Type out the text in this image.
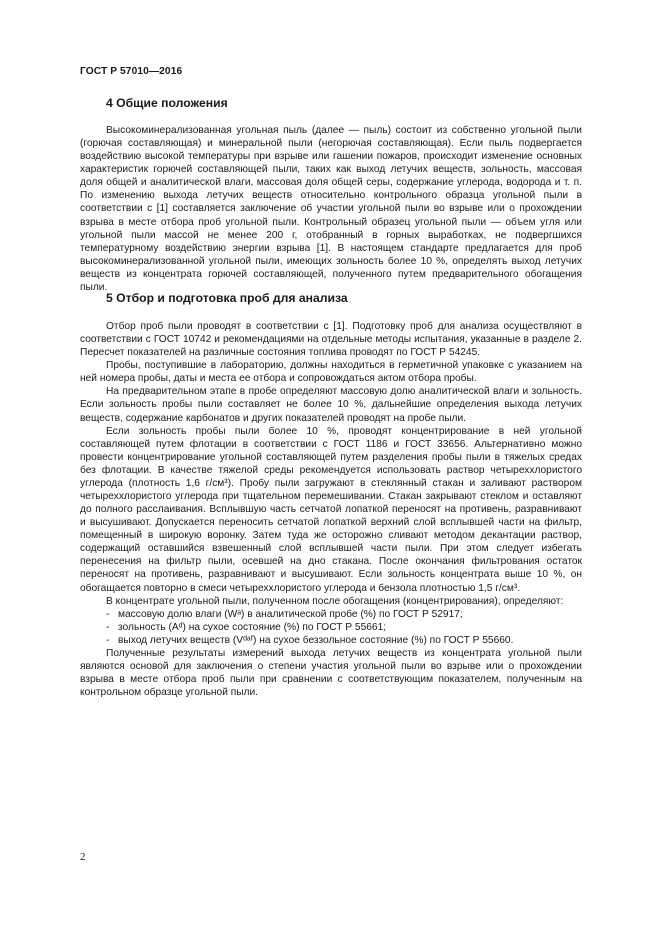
ГОСТ Р 57010—2016
4 Общие положения

Высокоминерализованная угольная пыль (далее — пыль) состоит из собственно угольной пыли (горючая составляющая) и минеральной пыли (негорючая составляющая). Если пыль подвергается воздействию высокой температуры при взрыве или гашении пожаров, происходит изменение основных характеристик горючей составляющей пыли, таких как выход летучих веществ, зольность, массовая доля общей и аналитической влаги, массовая доля общей серы, содержание углерода, водорода и т. п. По изменению выхода летучих веществ относительно контрольного образца угольной пыли в соответствии с [1] составляется заключение об участии угольной пыли во взрыве или о прохождении взрыва в месте отбора проб угольной пыли. Контрольный образец угольной пыли — объем угля или угольной пыли массой не менее 200 г, отобранный в горных выработках, не подвергшихся температурному воздействию энергии взрыва [1]. В настоящем стандарте предлагается для проб высокоминерализованной угольной пыли, имеющих зольность более 10 %, определять выход летучих веществ из концентрата горючей составляющей, полученного путем предварительного обогащения пыли.

5 Отбор и подготовка проб для анализа

Отбор проб пыли проводят в соответствии с [1]. Подготовку проб для анализа осуществляют в соответствии с ГОСТ 10742 и рекомендациями на отдельные методы испытания, указанные в разделе 2. Пересчет показателей на различные состояния топлива проводят по ГОСТ Р 54245.

Пробы, поступившие в лабораторию, должны находиться в герметичной упаковке с указанием на ней номера пробы, даты и места ее отбора и сопровождаться актом отбора пробы.

На предварительном этапе в пробе определяют массовую долю аналитической влаги и зольность. Если зольность пробы пыли составляет не более 10 %, дальнейшие определения выхода летучих веществ, содержание карбонатов и других показателей проводят на пробе пыли.

Если зольность пробы пыли более 10 %, проводят концентрирование в ней угольной составляющей путем флотации в соответствии с ГОСТ 1186 и ГОСТ 33656. Альтернативно можно провести концентрирование угольной составляющей путем разделения пробы пыли в тяжелых средах без флотации. В качестве тяжелой среды рекомендуется использовать раствор четыреххлористого углерода (плотность 1,6 г/см³). Пробу пыли загружают в стеклянный стакан и заливают раствором четыреххлористого углерода при тщательном перемешивании. Стакан закрывают стеклом и оставляют до полного расслаивания. Всплывшую часть сетчатой лопаткой переносят на противень, разравнивают и высушивают. Допускается переносить сетчатой лопаткой верхний слой всплывшей части на фильтр, помещенный в широкую воронку. Затем туда же осторожно сливают методом декантации раствор, содержащий оставшийся взвешенный слой всплывшей части пыли. При этом следует избегать перенесения на фильтр пыли, осевшей на дно стакана. После окончания фильтрования остаток переносят на противень, разравнивают и высушивают. Если зольность концентрата выше 10 %, он обогащается повторно в смеси четыреххлористого углерода и бензола плотностью 1,5 г/см³.

В концентрате угольной пыли, полученном после обогащения (концентрирования), определяют:

- массовую долю влаги (Wᵃ) в аналитической пробе (%) по ГОСТ Р 52917;

- зольность (Aᵈ) на сухое состояние (%) по ГОСТ Р 55661;

- выход летучих веществ (Vᵈᵃᶠ) на сухое беззольное состояние (%) по ГОСТ Р 55660.

Полученные результаты измерений выхода летучих веществ из концентрата угольной пыли являются основой для заключения о степени участия угольной пыли во взрыве или о прохождении взрыва в месте отбора проб пыли при сравнении с соответствующим показателем, полученным на контрольном образце угольной пыли.

2
